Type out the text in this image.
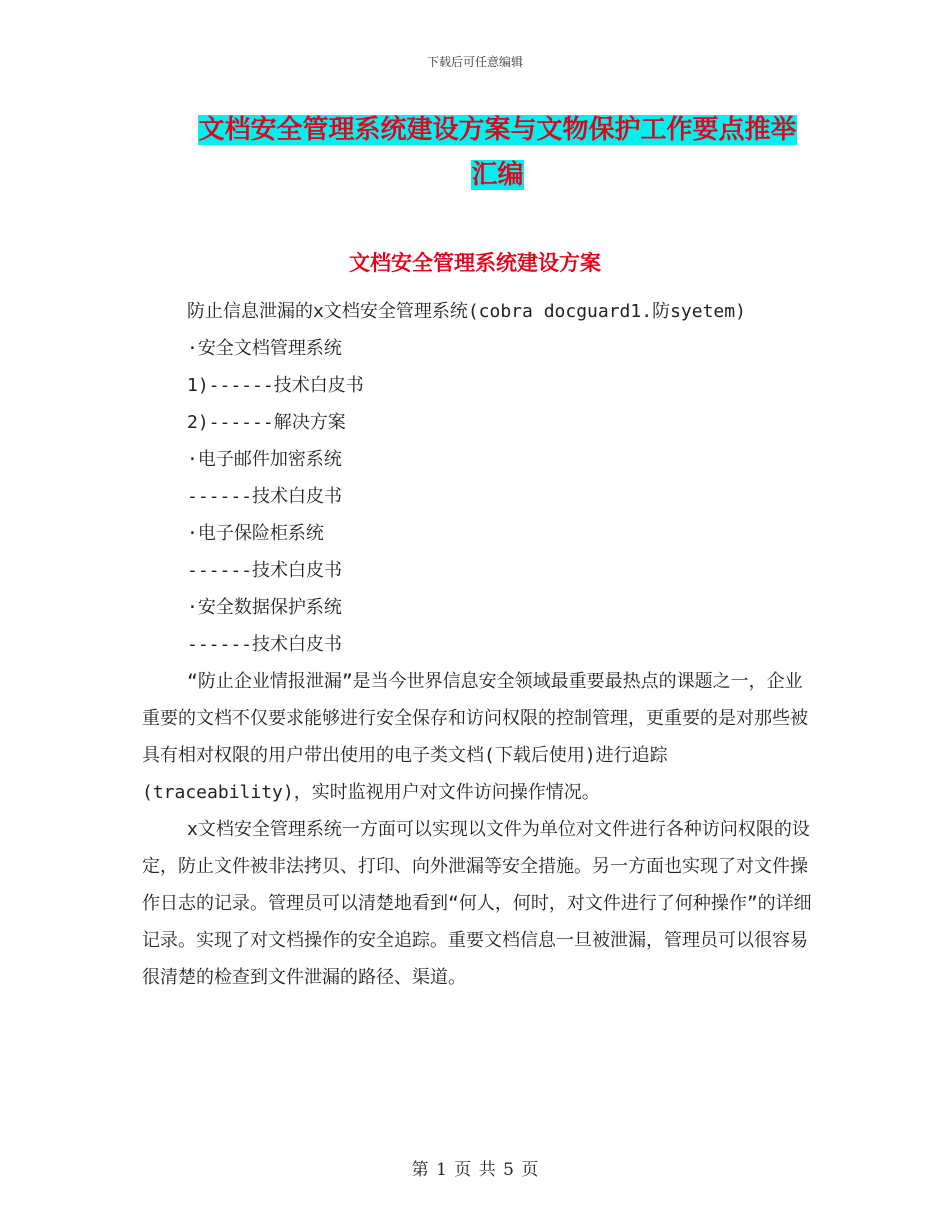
下载后可任意编辑
文档安全管理系统建设方案与文物保护工作要点推举
汇编
文档安全管理系统建设方案

防止信息泄漏的x文档安全管理系统(cobra docguard1.防syetem)

·安全文档管理系统

1)------技术白皮书

2)------解决方案

·电子邮件加密系统

------技术白皮书

·电子保险柜系统

------技术白皮书

·安全数据保护系统

------技术白皮书

“防止企业情报泄漏”是当今世界信息安全领域最重要最热点的课题之一，企业重要的文档不仅要求能够进行安全保存和访问权限的控制管理，更重要的是对那些被具有相对权限的用户带出使用的电子类文档(下载后使用)进行追踪(traceability)，实时监视用户对文件访问操作情况。

x文档安全管理系统一方面可以实现以文件为单位对文件进行各种访问权限的设定，防止文件被非法拷贝、打印、向外泄漏等安全措施。另一方面也实现了对文件操作日志的记录。管理员可以清楚地看到“何人，何时，对文件进行了何种操作”的详细记录。实现了对文档操作的安全追踪。重要文档信息一旦被泄漏，管理员可以很容易很清楚的检查到文件泄漏的路径、渠道。

第 1 页 共 5 页
